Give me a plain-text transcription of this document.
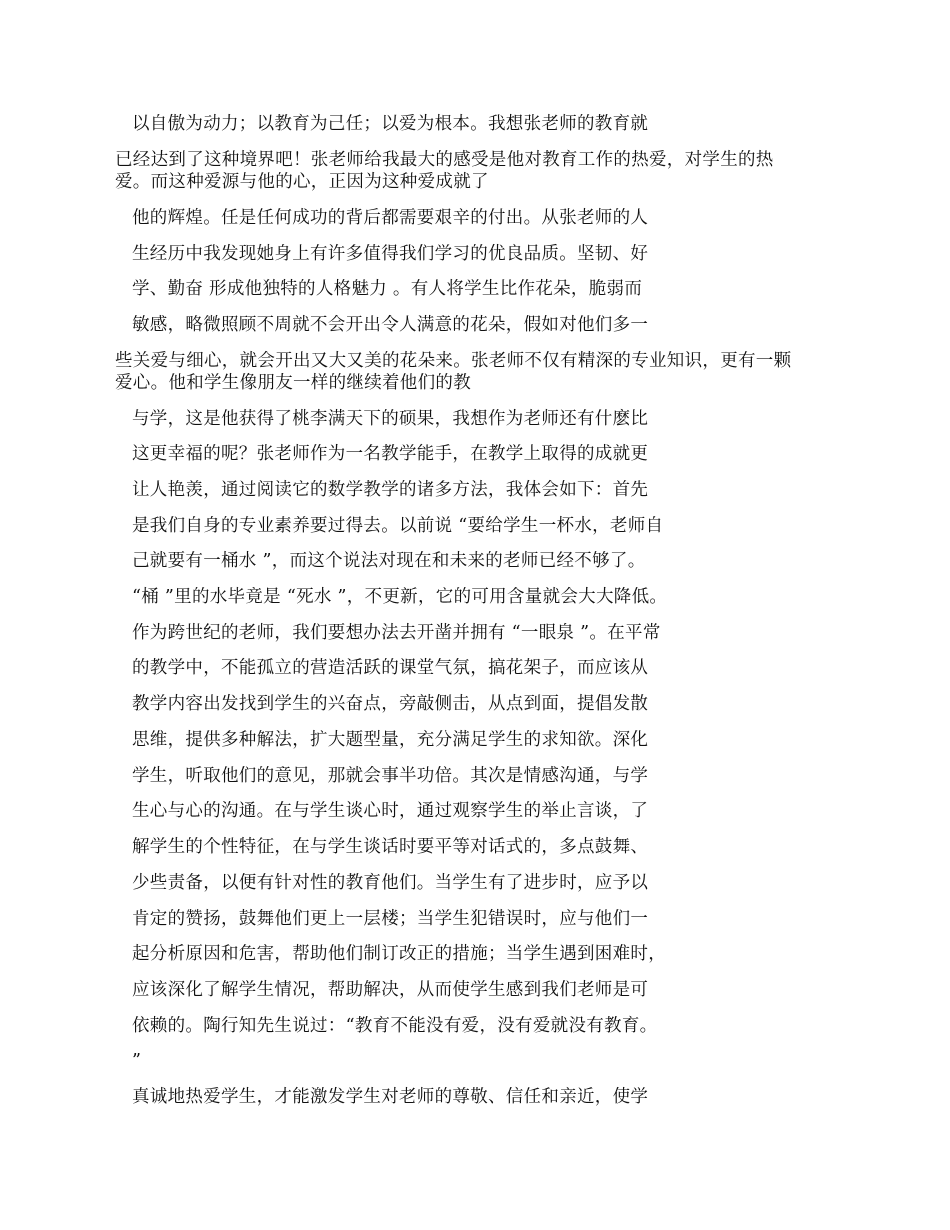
以自傲为动力；以教育为己任；以爱为根本。我想张老师的教育就
已经达到了这种境界吧！张老师给我最大的感受是他对教育工作的热爱，对学生的热
爱。而这种爱源与他的心，正因为这种爱成就了
他的辉煌。任是任何成功的背后都需要艰辛的付出。从张老师的人
生经历中我发现她身上有许多值得我们学习的优良品质。坚韧、好
学、勤奋 形成他独特的人格魅力 。有人将学生比作花朵，脆弱而
敏感，略微照顾不周就不会开出令人满意的花朵，假如对他们多一
些关爱与细心，就会开出又大又美的花朵来。张老师不仅有精深的专业知识，更有一颗
爱心。他和学生像朋友一样的继续着他们的教
与学，这是他获得了桃李满天下的硕果，我想作为老师还有什麽比
这更幸福的呢？张老师作为一名教学能手，在教学上取得的成就更
让人艳羡，通过阅读它的数学教学的诸多方法，我体会如下：首先
是我们自身的专业素养要过得去。以前说 “要给学生一杯水，老师自
己就要有一桶水 ”，而这个说法对现在和未来的老师已经不够了。
“桶 ”里的水毕竟是 “死水 ”，不更新，它的可用含量就会大大降低。
作为跨世纪的老师，我们要想办法去开凿并拥有 “一眼泉 ”。在平常
的教学中，不能孤立的营造活跃的课堂气氛，搞花架子，而应该从
教学内容出发找到学生的兴奋点，旁敲侧击，从点到面，提倡发散
思维，提供多种解法，扩大题型量，充分满足学生的求知欲。深化
学生，听取他们的意见，那就会事半功倍。其次是情感沟通，与学
生心与心的沟通。在与学生谈心时，通过观察学生的举止言谈，了
解学生的个性特征，在与学生谈话时要平等对话式的，多点鼓舞、
少些责备，以便有针对性的教育他们。当学生有了进步时，应予以
肯定的赞扬，鼓舞他们更上一层楼；当学生犯错误时，应与他们一
起分析原因和危害，帮助他们制订改正的措施；当学生遇到困难时，
应该深化了解学生情况，帮助解决，从而使学生感到我们老师是可
依赖的。陶行知先生说过：“教育不能没有爱，没有爱就没有教育。
”
真诚地热爱学生，才能激发学生对老师的尊敬、信任和亲近，使学
